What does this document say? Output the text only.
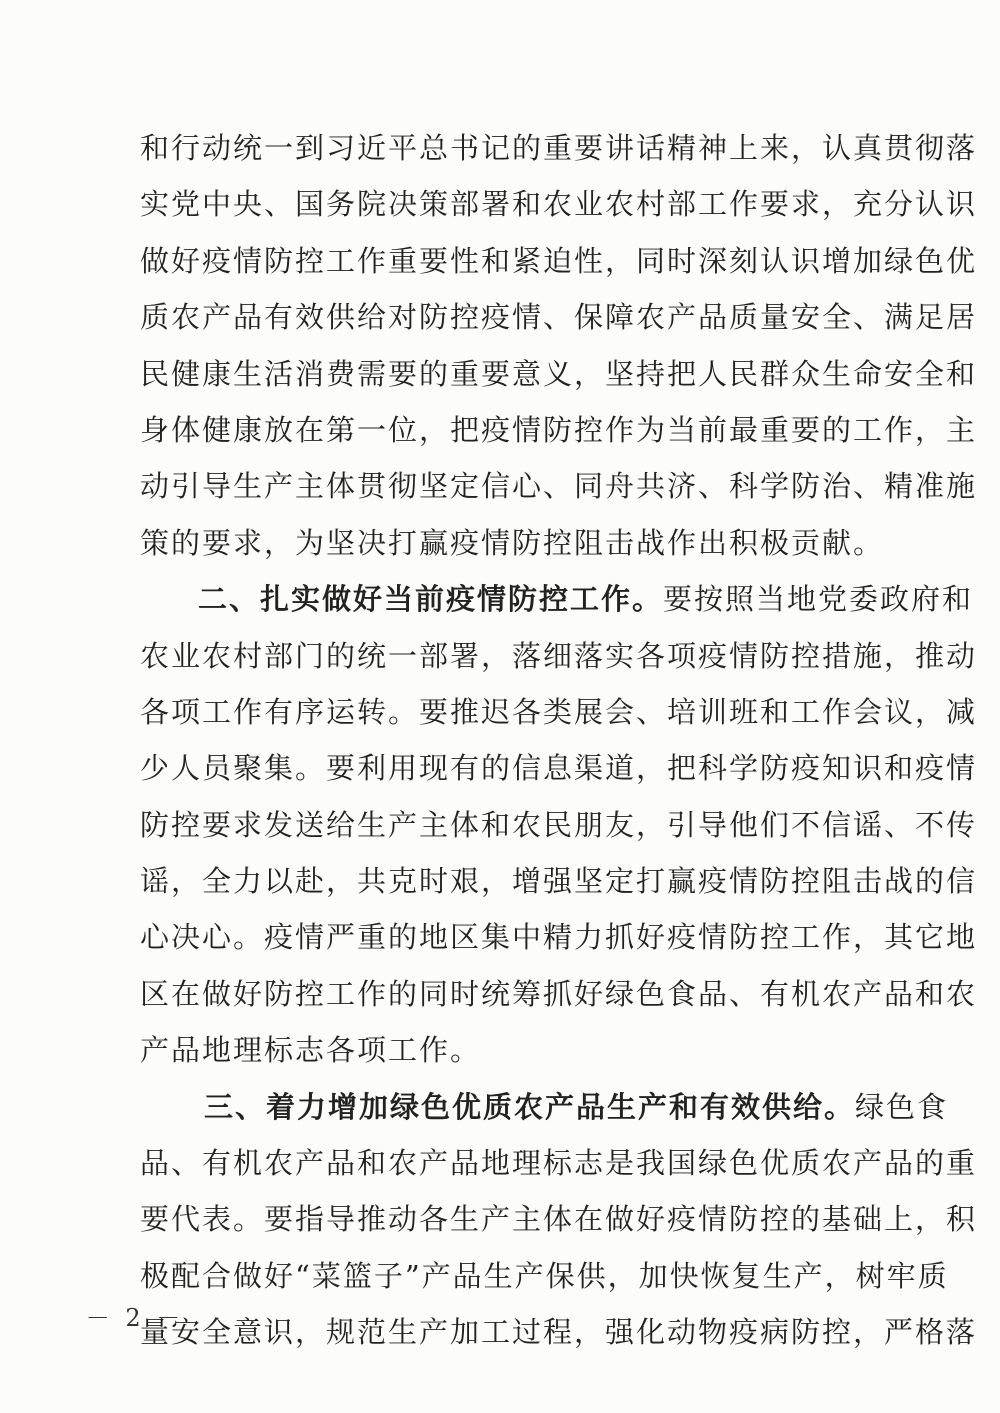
和行动统一到习近平总书记的重要讲话精神上来，认真贯彻落
实党中央、国务院决策部署和农业农村部工作要求，充分认识
做好疫情防控工作重要性和紧迫性，同时深刻认识增加绿色优
质农产品有效供给对防控疫情、保障农产品质量安全、满足居
民健康生活消费需要的重要意义，坚持把人民群众生命安全和
身体健康放在第一位，把疫情防控作为当前最重要的工作，主
动引导生产主体贯彻坚定信心、同舟共济、科学防治、精准施
策的要求，为坚决打赢疫情防控阻击战作出积极贡献。
二、扎实做好当前疫情防控工作。要按照当地党委政府和
农业农村部门的统一部署，落细落实各项疫情防控措施，推动
各项工作有序运转。要推迟各类展会、培训班和工作会议，减
少人员聚集。要利用现有的信息渠道，把科学防疫知识和疫情
防控要求发送给生产主体和农民朋友，引导他们不信谣、不传
谣，全力以赴，共克时艰，增强坚定打赢疫情防控阻击战的信
心决心。疫情严重的地区集中精力抓好疫情防控工作，其它地
区在做好防控工作的同时统筹抓好绿色食品、有机农产品和农
产品地理标志各项工作。
三、着力增加绿色优质农产品生产和有效供给。绿色食
品、有机农产品和农产品地理标志是我国绿色优质农产品的重
要代表。要指导推动各生产主体在做好疫情防控的基础上，积
极配合做好“菜篮子”产品生产保供，加快恢复生产，树牢质
量安全意识，规范生产加工过程，强化动物疫病防控，严格落
－ 2 －
